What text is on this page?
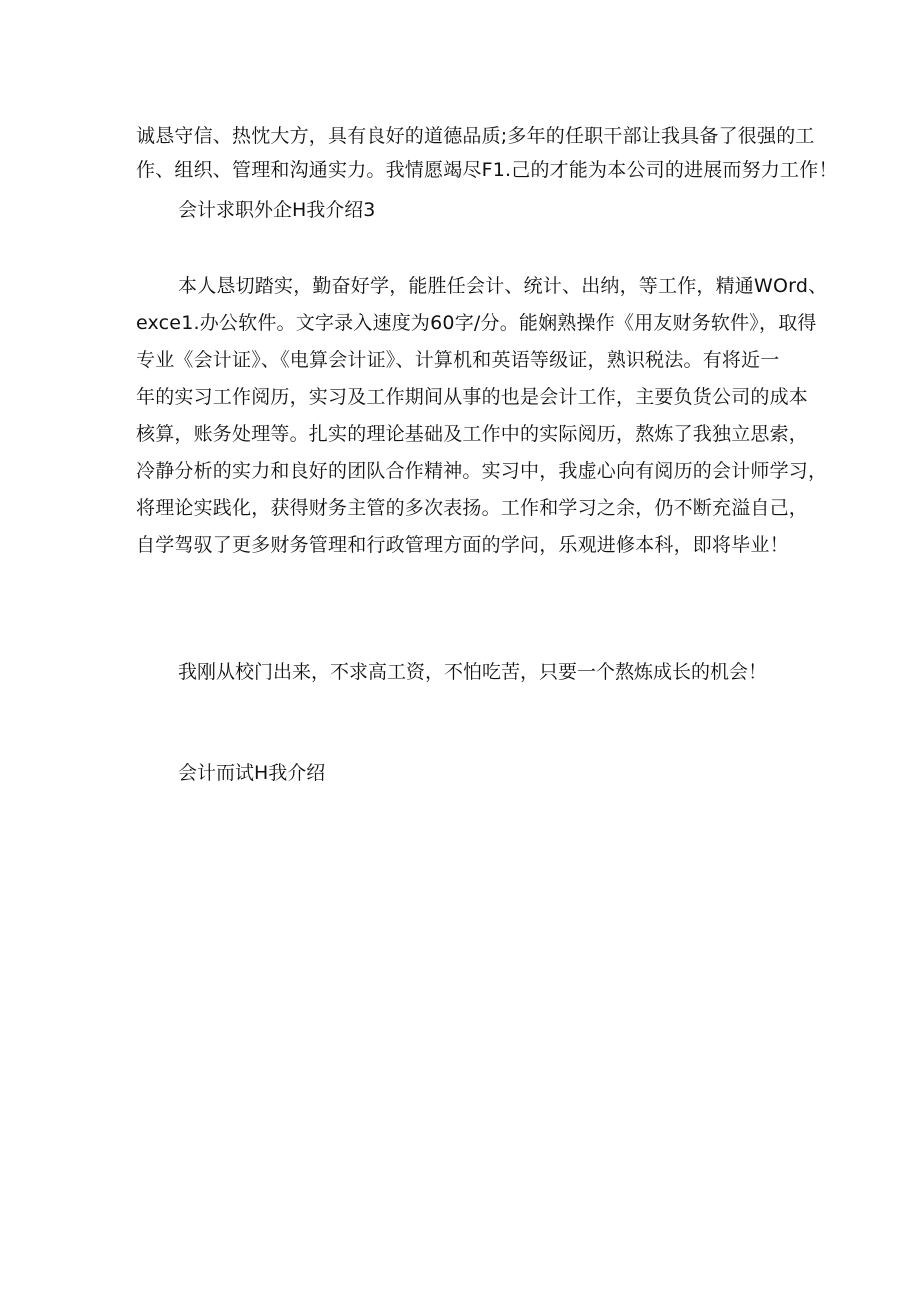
诚恳守信、热忱大方，具有良好的道德品质;多年的任职干部让我具备了很强的工
作、组织、管理和沟通实力。我情愿竭尽F1.己的才能为本公司的进展而努力工作！
会计求职外企H我介绍3
本人恳切踏实，勤奋好学，能胜任会计、统计、出纳，等工作，精通WOrd、
exce1.办公软件。文字录入速度为60字/分。能娴熟操作《用友财务软件》，取得
专业《会计证》、《电算会计证》、计算机和英语等级证，熟识税法。有将近一
年的实习工作阅历，实习及工作期间从事的也是会计工作，主要负货公司的成本
核算，账务处理等。扎实的理论基础及工作中的实际阅历，熬炼了我独立思索，
冷静分析的实力和良好的团队合作精神。实习中，我虚心向有阅历的会计师学习，
将理论实践化，获得财务主管的多次表扬。工作和学习之余，仍不断充溢自己，
自学驾驭了更多财务管理和行政管理方面的学问，乐观进修本科，即将毕业！
我刚从校门出来，不求高工资，不怕吃苦，只要一个熬炼成长的机会！
会计而试H我介绍
